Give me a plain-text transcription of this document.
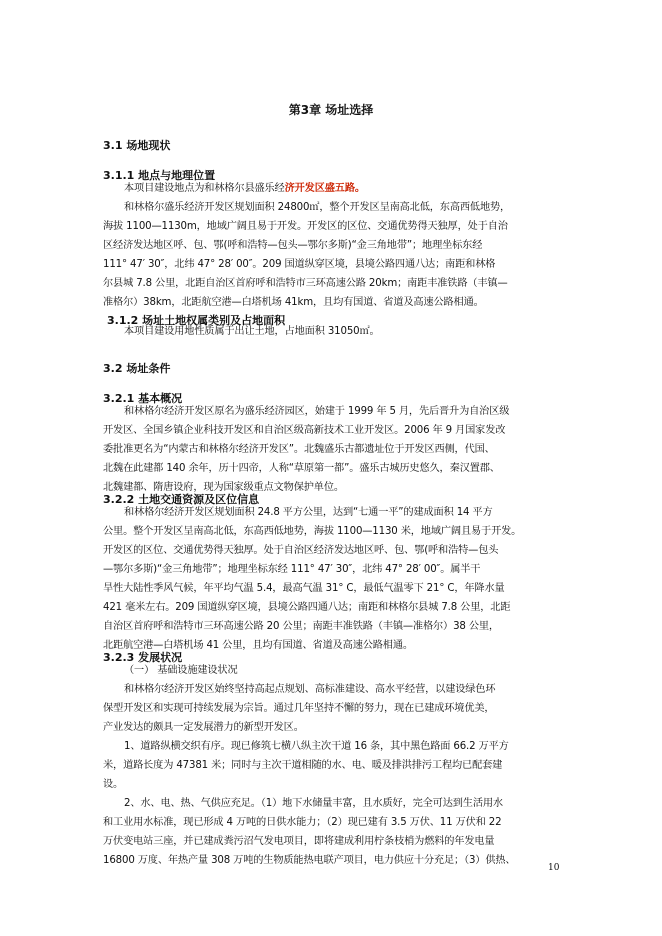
第3章 场址选择
3.1 场地现状
3.1.1 地点与地理位置
本项目建设地点为和林格尔县盛乐经济开发区盛五路。
和林格尔盛乐经济开发区规划面积 24800㎡，整个开发区呈南高北低，东高西低地势，
海拔 1100—1130m，地域广阔且易于开发。开发区的区位、交通优势得天独厚，处于自治
区经济发达地区呼、包、鄂(呼和浩特—包头—鄂尔多斯)“金三角地带”；地理坐标东经
111° 47′ 30″，北纬 47° 28′ 00″。209 国道纵穿区境，县境公路四通八达；南距和林格
尔县城 7.8 公里，北距自治区首府呼和浩特市三环高速公路 20km；南距丰准铁路（丰镇—
准格尔）38km，北距航空港—白塔机场 41km，且均有国道、省道及高速公路相通。
3.1.2 场址土地权属类别及占地面积
本项目建设用地性质属于出让土地，占地面积 31050㎡。
3.2 场址条件
3.2.1 基本概况
和林格尔经济开发区原名为盛乐经济园区，始建于 1999 年 5 月，先后晋升为自治区级
开发区、全国乡镇企业科技开发区和自治区级高新技术工业开发区。2006 年 9 月国家发改
委批准更名为“内蒙古和林格尔经济开发区”。北魏盛乐古都遗址位于开发区西侧，代国、
北魏在此建都 140 余年，历十四帝，人称“草原第一都”。盛乐古城历史悠久，秦汉置郡、
北魏建都、隋唐设府，现为国家级重点文物保护单位。
3.2.2 土地交通资源及区位信息
和林格尔经济开发区规划面积 24.8 平方公里，达到“七通一平”的建成面积 14 平方
公里。整个开发区呈南高北低，东高西低地势，海拔 1100—1130 米，地域广阔且易于开发。
开发区的区位、交通优势得天独厚。处于自治区经济发达地区呼、包、鄂(呼和浩特—包头
—鄂尔多斯)“金三角地带”；地理坐标东经 111° 47′ 30″，北纬 47° 28′ 00″。属半干
旱性大陆性季风气候，年平均气温 5.4，最高气温 31° C，最低气温零下 21° C，年降水量
421 毫米左右。209 国道纵穿区境，县境公路四通八达；南距和林格尔县城 7.8 公里，北距
自治区首府呼和浩特市三环高速公路 20 公里；南距丰准铁路（丰镇—准格尔）38 公里，
北距航空港—白塔机场 41 公里，且均有国道、省道及高速公路相通。
3.2.3 发展状况
（一） 基础设施建设状况
和林格尔经济开发区始终坚持高起点规划、高标准建设、高水平经营，以建设绿色环
保型开发区和实现可持续发展为宗旨。通过几年坚持不懈的努力，现在已建成环境优美，
产业发达的颇具一定发展潜力的新型开发区。
1、道路纵横交织有序。现已修筑七横八纵主次干道 16 条，其中黑色路面 66.2 万平方
米，道路长度为 47381 米；同时与主次干道相随的水、电、暖及排洪排污工程均已配套建
设。
2、水、电、热、气供应充足。（1）地下水储量丰富，且水质好，完全可达到生活用水
和工业用水标准，现已形成 4 万吨的日供水能力；（2）现已建有 3.5 万伏、11 万伏和 22
万伏变电站三座，并已建成粪污沼气发电项目，即将建成利用柠条枝梢为燃料的年发电量
16800 万度、年热产量 308 万吨的生物质能热电联产项目，电力供应十分充足；（3）供热、
10
